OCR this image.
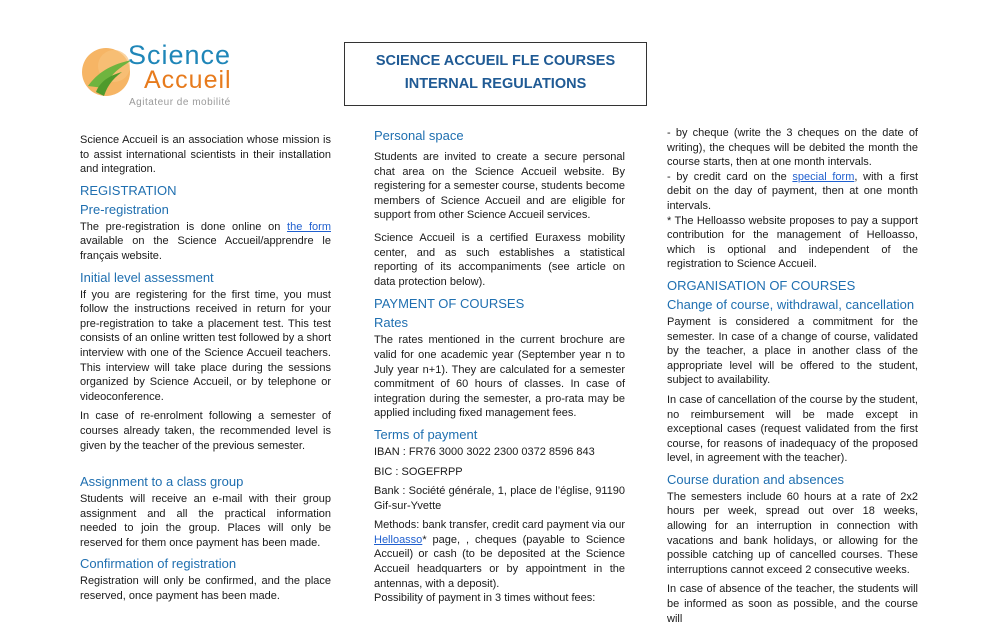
Science
Accueil
Agitateur de mobilité
SCIENCE ACCUEIL FLE COURSES
INTERNAL REGULATIONS

Science Accueil is an association whose mission is to assist international scientists in their installation and integration.

REGISTRATION
Pre-registration

The pre-registration is done online on the form available on the Science Accueil/apprendre le français website.

Initial level assessment

If you are registering for the first time, you must follow the instructions received in return for your pre-registration to take a placement test. This test consists of an online written test followed by a short interview with one of the Science Accueil teachers. This interview will take place during the sessions organized by Science Accueil, or by telephone or videoconference.

In case of re-enrolment following a semester of courses already taken, the recommended level is given by the teacher of the previous semester.

Assignment to a class group

Students will receive an e-mail with their group assignment and all the practical information needed to join the group. Places will only be reserved for them once payment has been made.

Confirmation of registration

Registration will only be confirmed, and the place reserved, once payment has been made.

Personal space

Students are invited to create a secure personal chat area on the Science Accueil website. By registering for a semester course, students become members of Science Accueil and are eligible for support from other Science Accueil services.

Science Accueil is a certified Euraxess mobility center, and as such establishes a statistical reporting of its accompaniments (see article on data protection below).

PAYMENT OF COURSES
Rates

The rates mentioned in the current brochure are valid for one academic year (September year n to July year n+1). They are calculated for a semester commitment of 60 hours of classes. In case of integration during the semester, a pro-rata may be applied including fixed management fees.

Terms of payment

IBAN : FR76 3000 3022 2300 0372 8596 843

BIC : SOGEFRPP

Bank : Société générale, 1, place de l’église, 91190 Gif-sur-Yvette

Methods: bank transfer, credit card payment via our Helloasso* page, , cheques (payable to Science Accueil) or cash (to be deposited at the Science Accueil headquarters or by appointment in the antennas, with a deposit).

Possibility of payment in 3 times without fees:

- by cheque (write the 3 cheques on the date of writing), the cheques will be debited the month the course starts, then at one month intervals.

- by credit card on the special form, with a first debit on the day of payment, then at one month intervals.

* The Helloasso website proposes to pay a support contribution for the management of Helloasso, which is optional and independent of the registration to Science Accueil.

ORGANISATION OF COURSES
Change of course, withdrawal, cancellation

Payment is considered a commitment for the semester. In case of a change of course, validated by the teacher, a place in another class of the appropriate level will be offered to the student, subject to availability.

In case of cancellation of the course by the student, no reimbursement will be made except in exceptional cases (request validated from the first course, for reasons of inadequacy of the proposed level, in agreement with the teacher).

Course duration and absences

The semesters include 60 hours at a rate of 2x2 hours per week, spread out over 18 weeks, allowing for an interruption in connection with vacations and bank holidays, or allowing for the possible catching up of cancelled courses. These interruptions cannot exceed 2 consecutive weeks.

In case of absence of the teacher, the students will be informed as soon as possible, and the course will
